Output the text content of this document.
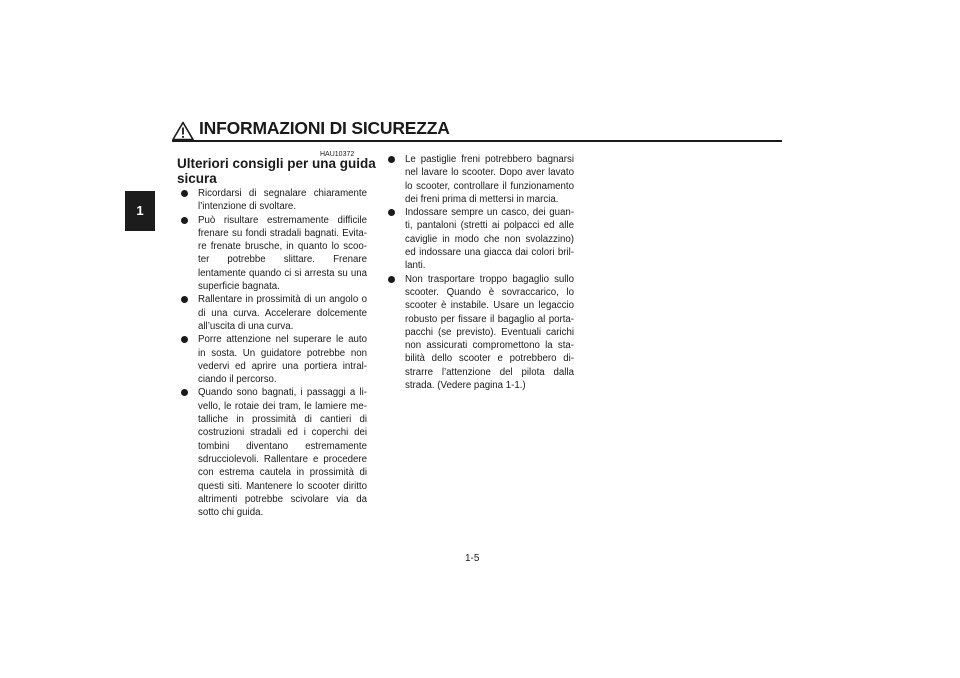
INFORMAZIONI DI SICUREZZA
1
HAU10372
Ulteriori consigli per una guida sicura
Ricordarsi di segnalare chiaramente l’intenzione di svoltare.
Può risultare estremamente difficile frenare su fondi stradali bagnati. Evita-re frenate brusche, in quanto lo scoo-ter potrebbe slittare. Frenare lentamente quando ci si arresta su una superficie bagnata.
Rallentare in prossimità di un angolo o di una curva. Accelerare dolcemente all’uscita di una curva.
Porre attenzione nel superare le auto in sosta. Un guidatore potrebbe non vedervi ed aprire una portiera intral-ciando il percorso.
Quando sono bagnati, i passaggi a li-vello, le rotaie dei tram, le lamiere me-talliche in prossimità di cantieri di costruzioni stradali ed i coperchi dei tombini diventano estremamente sdrucciolevoli. Rallentare e procedere con estrema cautela in prossimità di questi siti. Mantenere lo scooter diritto altrimenti potrebbe scivolare via da sotto chi guida.
Le pastiglie freni potrebbero bagnarsi nel lavare lo scooter. Dopo aver lavato lo scooter, controllare il funzionamento dei freni prima di mettersi in marcia.
Indossare sempre un casco, dei guan-ti, pantaloni (stretti ai polpacci ed alle caviglie in modo che non svolazzino) ed indossare una giacca dai colori bril-lanti.
Non trasportare troppo bagaglio sullo scooter. Quando è sovraccarico, lo scooter è instabile. Usare un legaccio robusto per fissare il bagaglio al porta-pacchi (se previsto). Eventuali carichi non assicurati compromettono la sta-bilità dello scooter e potrebbero di-strarre l’attenzione del pilota dalla strada. (Vedere pagina 1-1.)
1-5
